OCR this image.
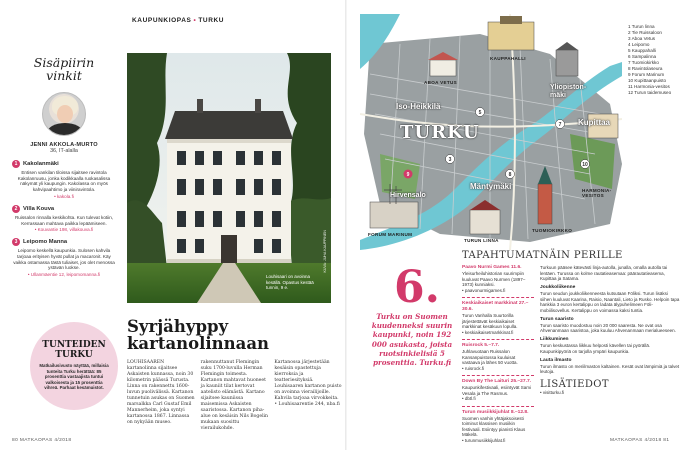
KAUPUNKIOPAS • TURKU
Sisäpiirin
vinkit
JENNI AKKOLA-MURTO
36, IT-alalla
1 Kakolanmäki
Entisen vankilan tiloissa sijaitsee ravintola Kakolanruusu, jonka kodikkaalla ruokasalissa näkymät yli kaupungin. Kakolassa on myös kahvipaahtimo ja viiniravintola.
• kakola.fi
2 Villa Kouva
Ruissalon rinnalla keskikohta. Kun tulevat kotiin, Kerrassaan mahtava paikka lepäämiseen.
• Kouvantie 198, villakouva.fi
3 Leipomo Manna
Leipomo keskellä kaupunkia. Sulosen kahvila tarjoaa erityisen hyvät pullat ja macaronit. Käy vaikka ostamassa tästä tuliaiset, jos olet menossa ystävän luokse.
• Ullanmäentie 12, leipomomanna.fi	Louhisaari on avoinna kesällä. Opastus kestää tunnin, 9 e.
KUVA: JUHA KAUPPINEN
TUNTEIDEN
TURKU
Matkailusivusto näyttää, millaisia tunteita Turku herättää: 85 prosenttia vastaajista tuntui valkoisesta ja 15 prosenttia vihreä. Parhaat kesämuistot.
Syrjähyppy
kartanolinnaan

LOUHISAAREN kartanolinna sijaitsee Askaisten kunnassa, noin 30 kilometrin päässä Turusta. Linna on rakennettu 1600-luvun puolivälissä. Kartanon tunnetuin asukas on Suomen marsalkka Carl Gustaf Emil Mannerheim, joka syntyi kartanossa 1867. Linnassa on nykyään museo.

rakennuttanut Flemingin suku 1700-luvulla Herman Flemingin toimesta. Kartanon mahtavat huoneet ja kauniit tilat kertovat aatelisto elämästä. Kartano sijaitsee kauniissa maisemissa Askaisten saaristossa. Kartanon piha-alue on kesäisin Nils Bogelin mukaan suosittu vierailukohde.

Kartanossa järjestetään kesäisin opastettuja kierroksia ja teatteriesityksiä. Louhisaaren kartanon puisto on avoinna vierailijoille. Kahvila tarjoaa virvokkeita. • Louhisaarentie 244, nba.fi

80 MATKAOPAS 4/2018	MATKAOPAS 4/2018 81
9
5
7
10
3
8
ABOA VETUS
KAUPPAHALLI
FORUM MARINUM
TURUN LINNA
TUOMIOKIRKKO
HARMONIA-VESITOS
Iso-Heikkilä
TURKU
Yliopiston-mäki
Kupittaa
Mäntymäki
Hirvensalo
1 Turun linna
2 Tie Ruissaloon
3 Aboa Vetus
4 Leipomo
5 Kauppahalli
6 Sampalinna
7 Tuomiokirkko
8 Ravintolaseura
9 Forum Marinum
10 Kupittaanpuisto
11 Harmonia-vesitos
12 Turun taidemuseo
6.
Turku on Suomen kuudenneksi suurin kaupunki, noin 192 000 asukasta, joista ruotsinkielisiä 5 prosenttia. Turku.fi
TAPAHTUMAT
Paavo Nurmi Games 11.6.
Yleisurheiluhistorian suurimpiin kuuluvat Paavo Nurmen (1897–1973) kunniaksi.
• paavonurmigames.fi
Keskiaikaiset markkinat 27.–30.6.
Turun Vanhalla Suurtorilla järjestettävät keskiaikaiset markkinat kesäkuun lopulla.
• keskiaikaisetmarkkinat.fi
Ruisrock 5.–7.7.
Juhlavuotaan Ruissalon Kansanpuistossa kuuluisat vastaava ja lähes 50 vuotta.
• ruisrock.fi
Down By The Laituri 25.–27.7.
Kaupunkifestivaali, esiintyvät Sami Vesala ja The Rasmus.
• dbtl.fi
Turun musiikkijuhlat 8.–12.8.
Suomen vanhin yhtäjaksoisesti toiminut klassisen musiikin festivaali. Esiintyy pianisti Klaus Mäkelä.
• turunmusiikkijuhlat.fi
NÄIN PERILLE
Turkuun pääsee kätevästi linja-autolla, junalla, omalla autolla tai lentäen. Turussa on kolme rautatieasemaa: päärautatieasema, Kupittaa ja Satama.
Joukkoliikenne
Turun seudun joukkoliikenneesta kutsutaan Föliksi. Turun lisäksi siihen kuuluvat Kaarina, Raisio, Naantali, Lieto ja Rusko. Helpoin tapa hankkia 3 euron kertalippu on ladata älypuhelimeen Föli-mobiilisovellus. Kertalippu on voimassa kaksi tuntia.
Turun saaristo
Turun saaristo muodostuu noin 20 000 saaresta. Ne ovat osa Ahvenanmaan saaristoa, joka kuuluu Ahvenanmaan merialueeseen.
Liikkuminen
Turun keskustassa liikkuu helposti kävellen tai pyörällä. Kaupunkipyöriä on tarjolla ympäri kaupunkia.
Lauta ilmasto
Turun ilmasto on meriilmaston kaltainen. Kesät ovat lämpimiä ja talvet leutoja.
LISÄTIEDOT
• visitturku.fi
